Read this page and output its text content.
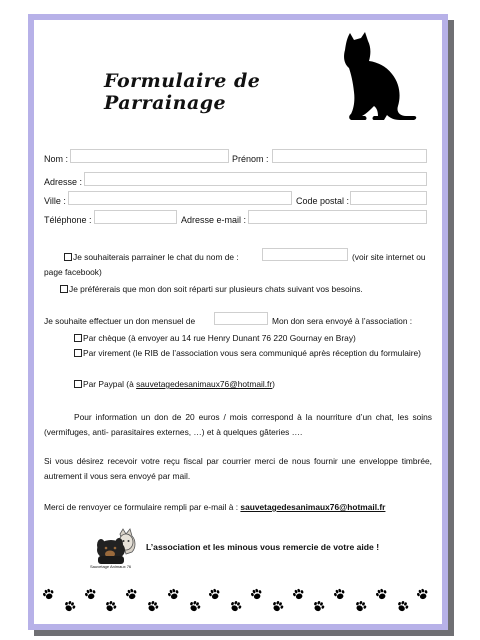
Formulaire de Parrainage
Nom :	Prénom :
Adresse :
Ville :	Code postal :
Téléphone :	Adresse e-mail :
Je souhaiterais parrainer le chat du nom de :	(voir site internet ou
page facebook)
Je préférerais que mon don soit réparti sur plusieurs chats suivant vos besoins.
Je souhaite effectuer un don mensuel de	Mon don sera envoyé à l’association :
Par chèque (à envoyer au 14 rue Henry Dunant 76 220 Gournay en Bray)
Par virement (le RIB de l’association vous sera communiqué après réception du formulaire)
Par Paypal (à sauvetagedesanimaux76@hotmail.fr)
Pour information un don de 20 euros / mois correspond à la nourriture d’un chat, les soins (vermifuges, anti- parasitaires externes, …) et à quelques gâteries ….
Si vous désirez recevoir votre reçu fiscal par courrier merci de nous fournir une enveloppe timbrée, autrement il vous sera envoyé par mail.
Merci de renvoyer ce formulaire rempli par e-mail à : sauvetagedesanimaux76@hotmail.fr
Sauvetage Animaux 76
L’association et les minous vous remercie de votre aide !
